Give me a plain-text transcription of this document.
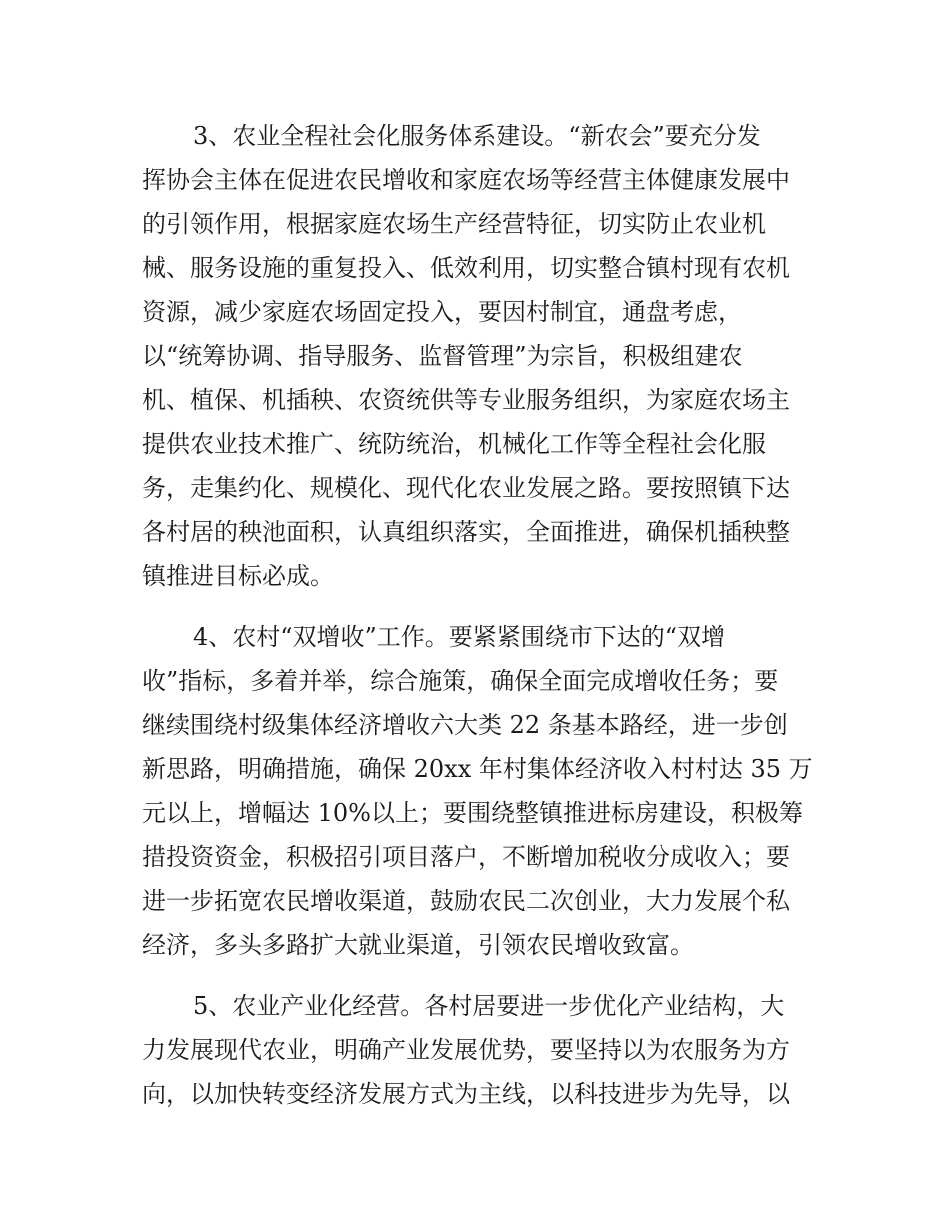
3、农业全程社会化服务体系建设。“新农会”要充分发
挥协会主体在促进农民增收和家庭农场等经营主体健康发展中
的引领作用，根据家庭农场生产经营特征，切实防止农业机
械、服务设施的重复投入、低效利用，切实整合镇村现有农机
资源，减少家庭农场固定投入，要因村制宜，通盘考虑，
以“统筹协调、指导服务、监督管理”为宗旨，积极组建农
机、植保、机插秧、农资统供等专业服务组织，为家庭农场主
提供农业技术推广、统防统治，机械化工作等全程社会化服
务，走集约化、规模化、现代化农业发展之路。要按照镇下达
各村居的秧池面积，认真组织落实，全面推进，确保机插秧整
镇推进目标必成。
4、农村“双增收”工作。要紧紧围绕市下达的“双增
收”指标，多着并举，综合施策，确保全面完成增收任务；要
继续围绕村级集体经济增收六大类 22 条基本路经，进一步创
新思路，明确措施，确保 20xx 年村集体经济收入村村达 35 万
元以上，增幅达 10%以上；要围绕整镇推进标房建设，积极筹
措投资资金，积极招引项目落户，不断增加税收分成收入；要
进一步拓宽农民增收渠道，鼓励农民二次创业，大力发展个私
经济，多头多路扩大就业渠道，引领农民增收致富。
5、农业产业化经营。各村居要进一步优化产业结构，大
力发展现代农业，明确产业发展优势，要坚持以为农服务为方
向，以加快转变经济发展方式为主线，以科技进步为先导，以
